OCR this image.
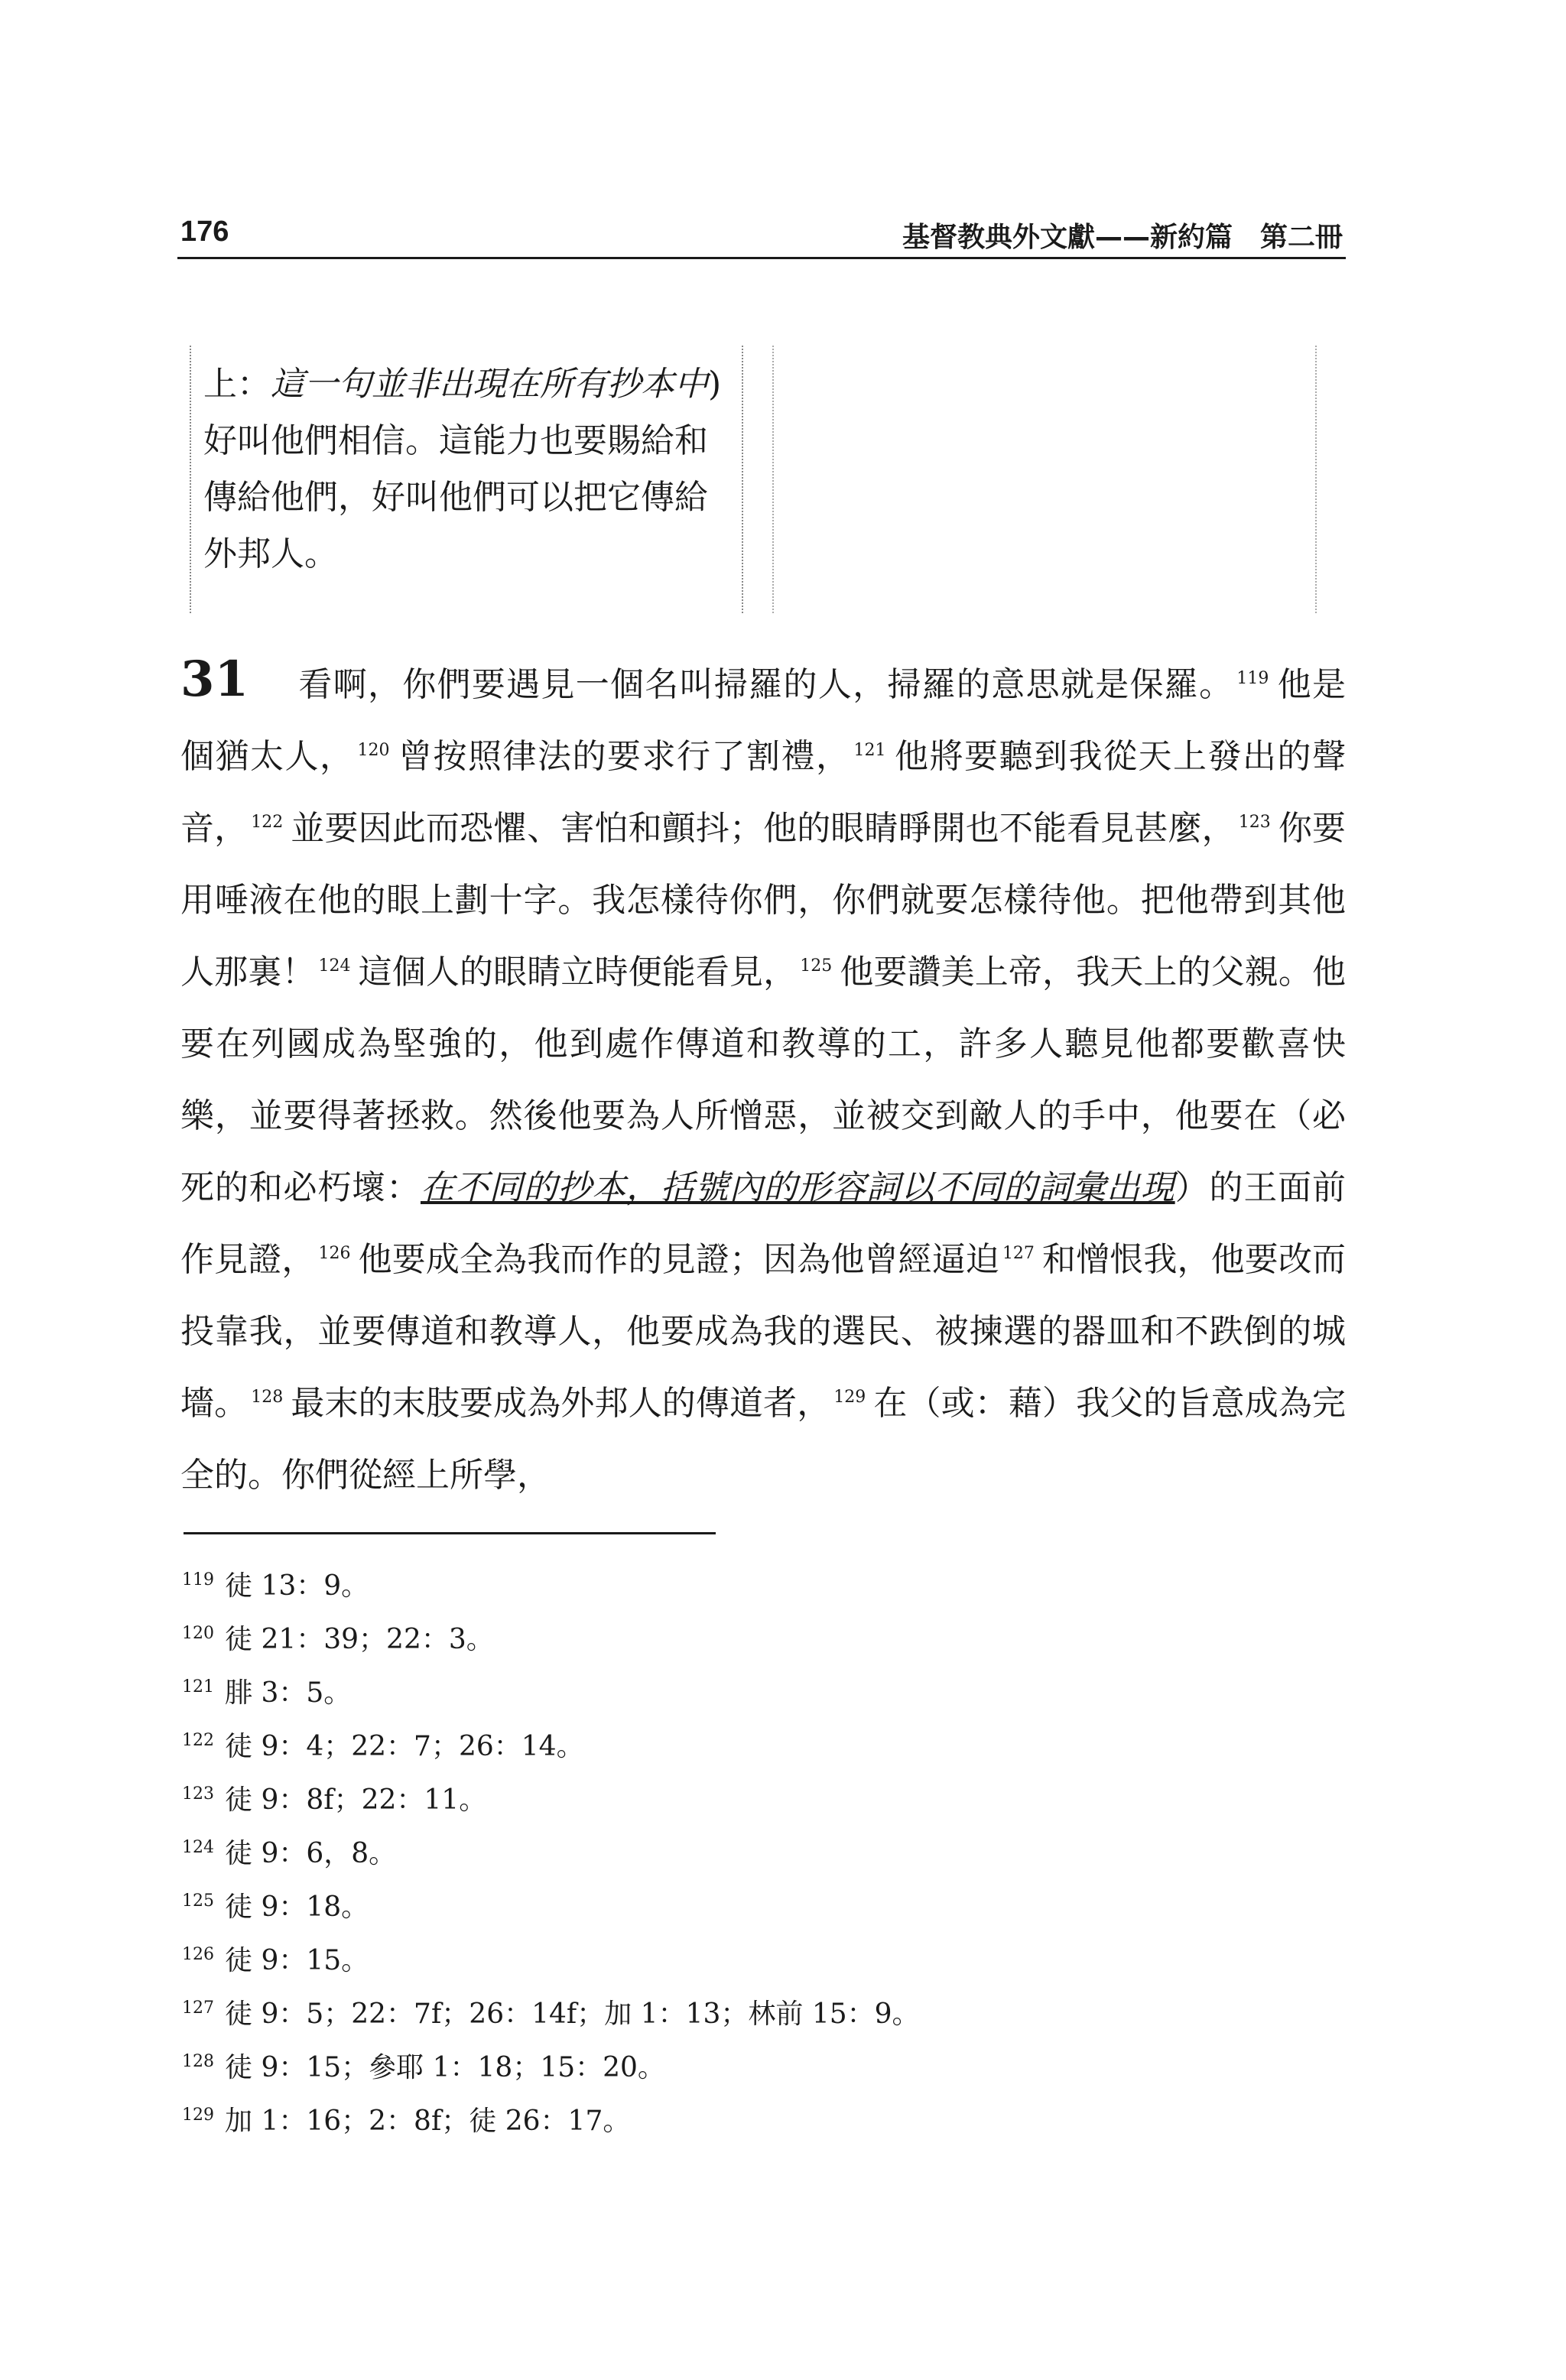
176	基督教典外文獻——新約篇　第二冊
上：這一句並非出現在所有抄本中) 好叫他們相信。這能力也要賜給和傳給他們，好叫他們可以把它傳給外邦人。
31 看啊，你們要遇見一個名叫掃羅的人，掃羅的意思就是保羅。 $^{119}$ 他是個猶太人， $^{120}$ 曾按照律法的要求行了割禮， $^{121}$ 他將要聽到我從天上發出的聲音， $^{122}$ 並要因此而恐懼、害怕和顫抖；他的眼睛睜開也不能看見甚麼， $^{123}$ 你要用唾液在他的眼上劃十字。我怎樣待你們，你們就要怎樣待他。把他帶到其他人那裏！ $^{124}$ 這個人的眼睛立時便能看見， $^{125}$ 他要讚美上帝，我天上的父親。他要在列國成為堅強的，他到處作傳道和教導的工，許多人聽見他都要歡喜快樂，並要得著拯救。然後他要為人所憎惡，並被交到敵人的手中，他要在（必死的和必朽壞：在不同的抄本，括號內的形容詞以不同的詞彙出現）的王面前作見證， $^{126}$ 他要成全為我而作的見證；因為他曾經逼迫 $^{127}$ 和憎恨我，他要改而投靠我，並要傳道和教導人，他要成為我的選民、被揀選的器皿和不跌倒的城墻。 $^{128}$ 最末的末肢要成為外邦人的傳道者， $^{129}$ 在（或：藉）我父的旨意成為完全的。你們從經上所學，
119 徒 13：9。
120 徒 21：39；22：3。
121 腓 3：5。
122 徒 9：4；22：7；26：14。
123 徒 9：8f；22：11。
124 徒 9：6，8。
125 徒 9：18。
126 徒 9：15。
127 徒 9：5；22：7f；26：14f；加 1：13；林前 15：9。
128 徒 9：15；參耶 1：18；15：20。
129 加 1：16；2：8f；徒 26：17。
